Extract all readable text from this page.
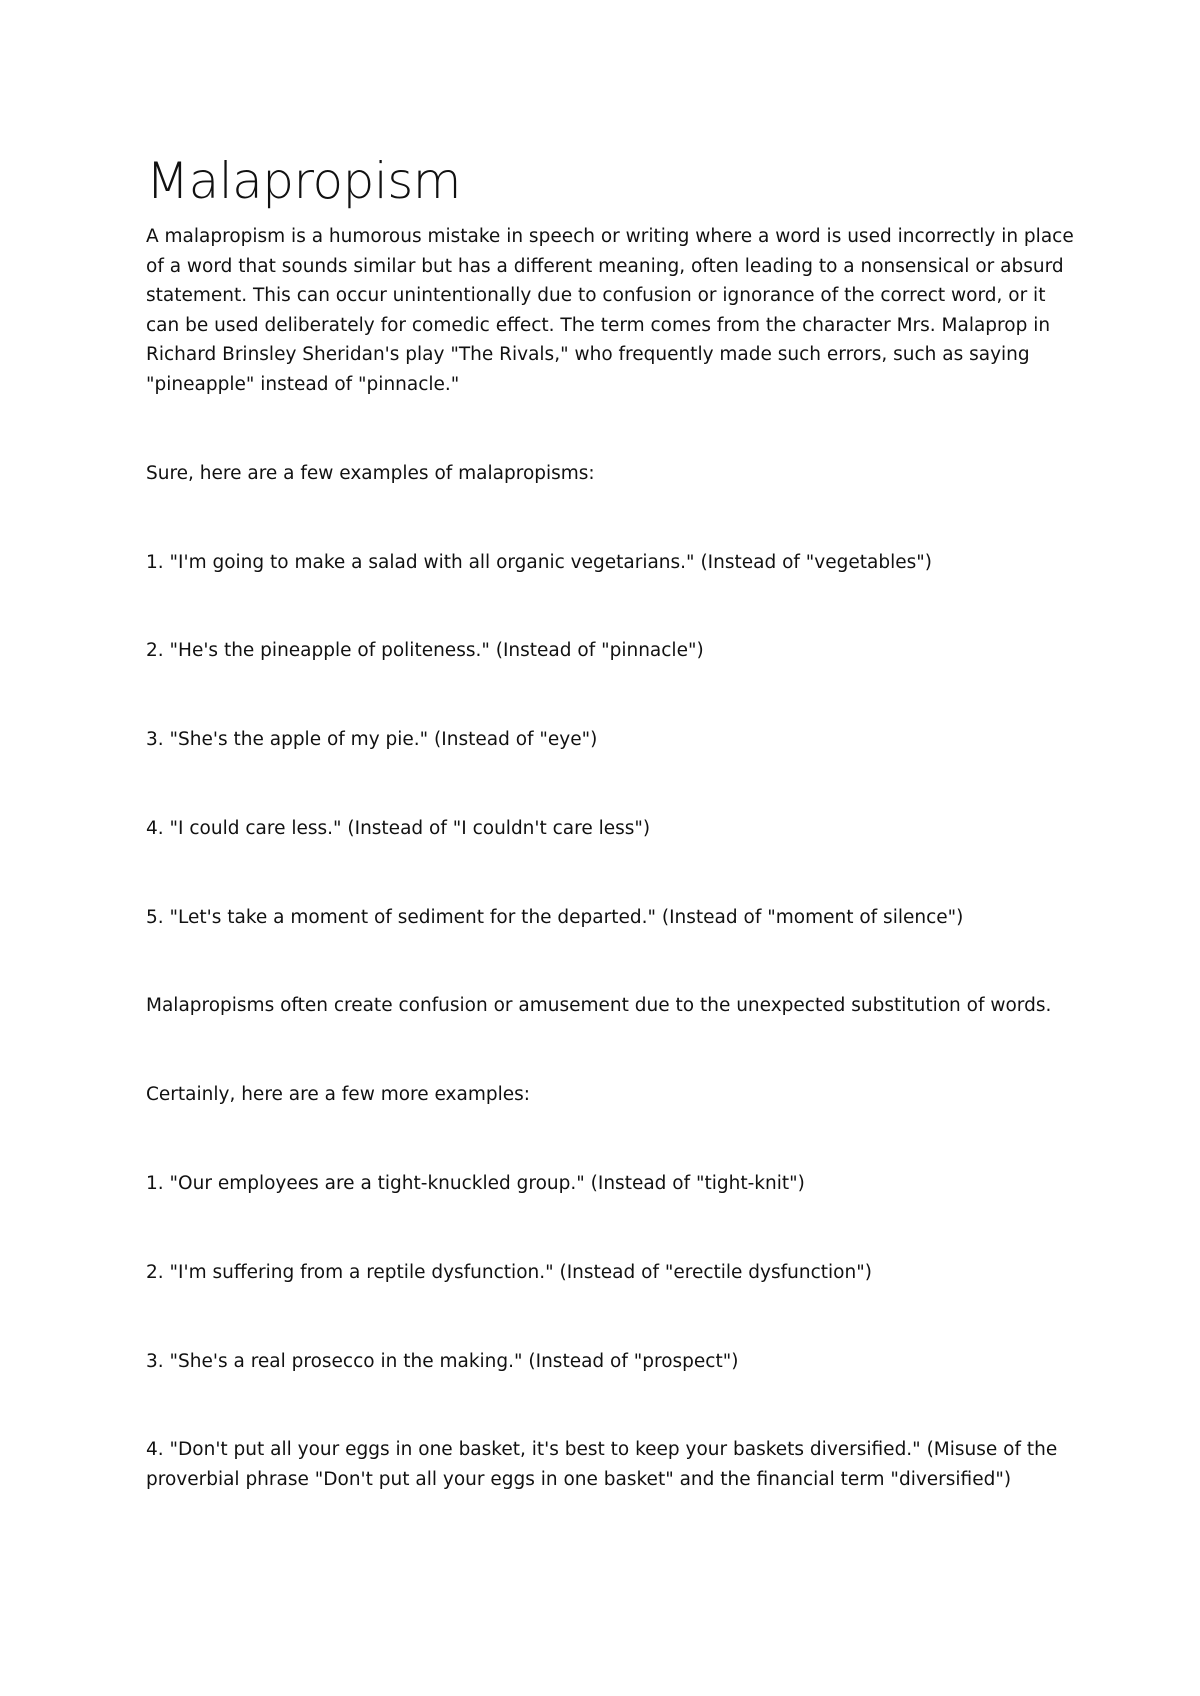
Malapropism

A malapropism is a humorous mistake in speech or writing where a word is used incorrectly in place of a word that sounds similar but has a different meaning, often leading to a nonsensical or absurd statement. This can occur unintentionally due to confusion or ignorance of the correct word, or it can be used deliberately for comedic effect. The term comes from the character Mrs. Malaprop in Richard Brinsley Sheridan's play "The Rivals," who frequently made such errors, such as saying "pineapple" instead of "pinnacle."

Sure, here are a few examples of malapropisms:

1. "I'm going to make a salad with all organic vegetarians." (Instead of "vegetables")

2. "He's the pineapple of politeness." (Instead of "pinnacle")

3. "She's the apple of my pie." (Instead of "eye")

4. "I could care less." (Instead of "I couldn't care less")

5. "Let's take a moment of sediment for the departed." (Instead of "moment of silence")

Malapropisms often create confusion or amusement due to the unexpected substitution of words.

Certainly, here are a few more examples:

1. "Our employees are a tight-knuckled group." (Instead of "tight-knit")

2. "I'm suffering from a reptile dysfunction." (Instead of "erectile dysfunction")

3. "She's a real prosecco in the making." (Instead of "prospect")

4. "Don't put all your eggs in one basket, it's best to keep your baskets diversified." (Misuse of the proverbial phrase "Don't put all your eggs in one basket" and the financial term "diversified")
